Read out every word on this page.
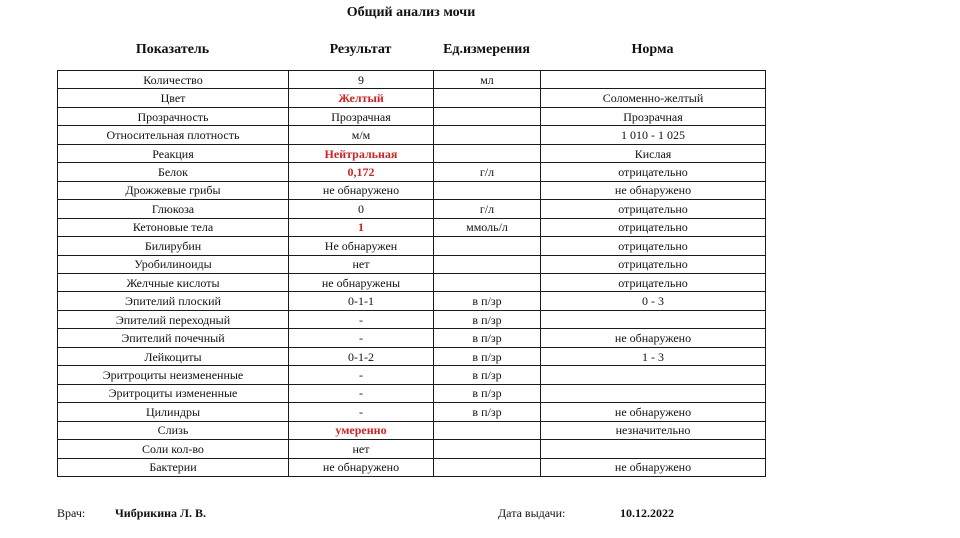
Общий анализ мочи
Показатель	Результат	Ед.измерения	Норма
Количество	9	мл	
Цвет	Желтый		Соломенно-желтый
Прозрачность	Прозрачная		Прозрачная
Относительная плотность	м/м		1 010 - 1 025
Реакция	Нейтральная		Кислая
Белок	0,172	г/л	отрицательно
Дрожжевые грибы	не обнаружено		не обнаружено
Глюкоза	0	г/л	отрицательно
Кетоновые тела	1	ммоль/л	отрицательно
Билирубин	Не обнаружен		отрицательно
Уробилиноиды	нет		отрицательно
Желчные кислоты	не обнаружены		отрицательно
Эпителий плоский	0-1-1	в п/зр	0 - 3
Эпителий переходный	-	в п/зр	
Эпителий почечный	-	в п/зр	не обнаружено
Лейкоциты	0-1-2	в п/зр	1 - 3
Эритроциты неизмененные	-	в п/зр	
Эритроциты измененные	-	в п/зр	
Цилиндры	-	в п/зр	не обнаружено
Слизь	умеренно		незначительно
Соли кол-во	нет		
Бактерии	не обнаружено		не обнаружено
Врач: Чибрикина Л. В.	Дата выдачи:	10.12.2022
